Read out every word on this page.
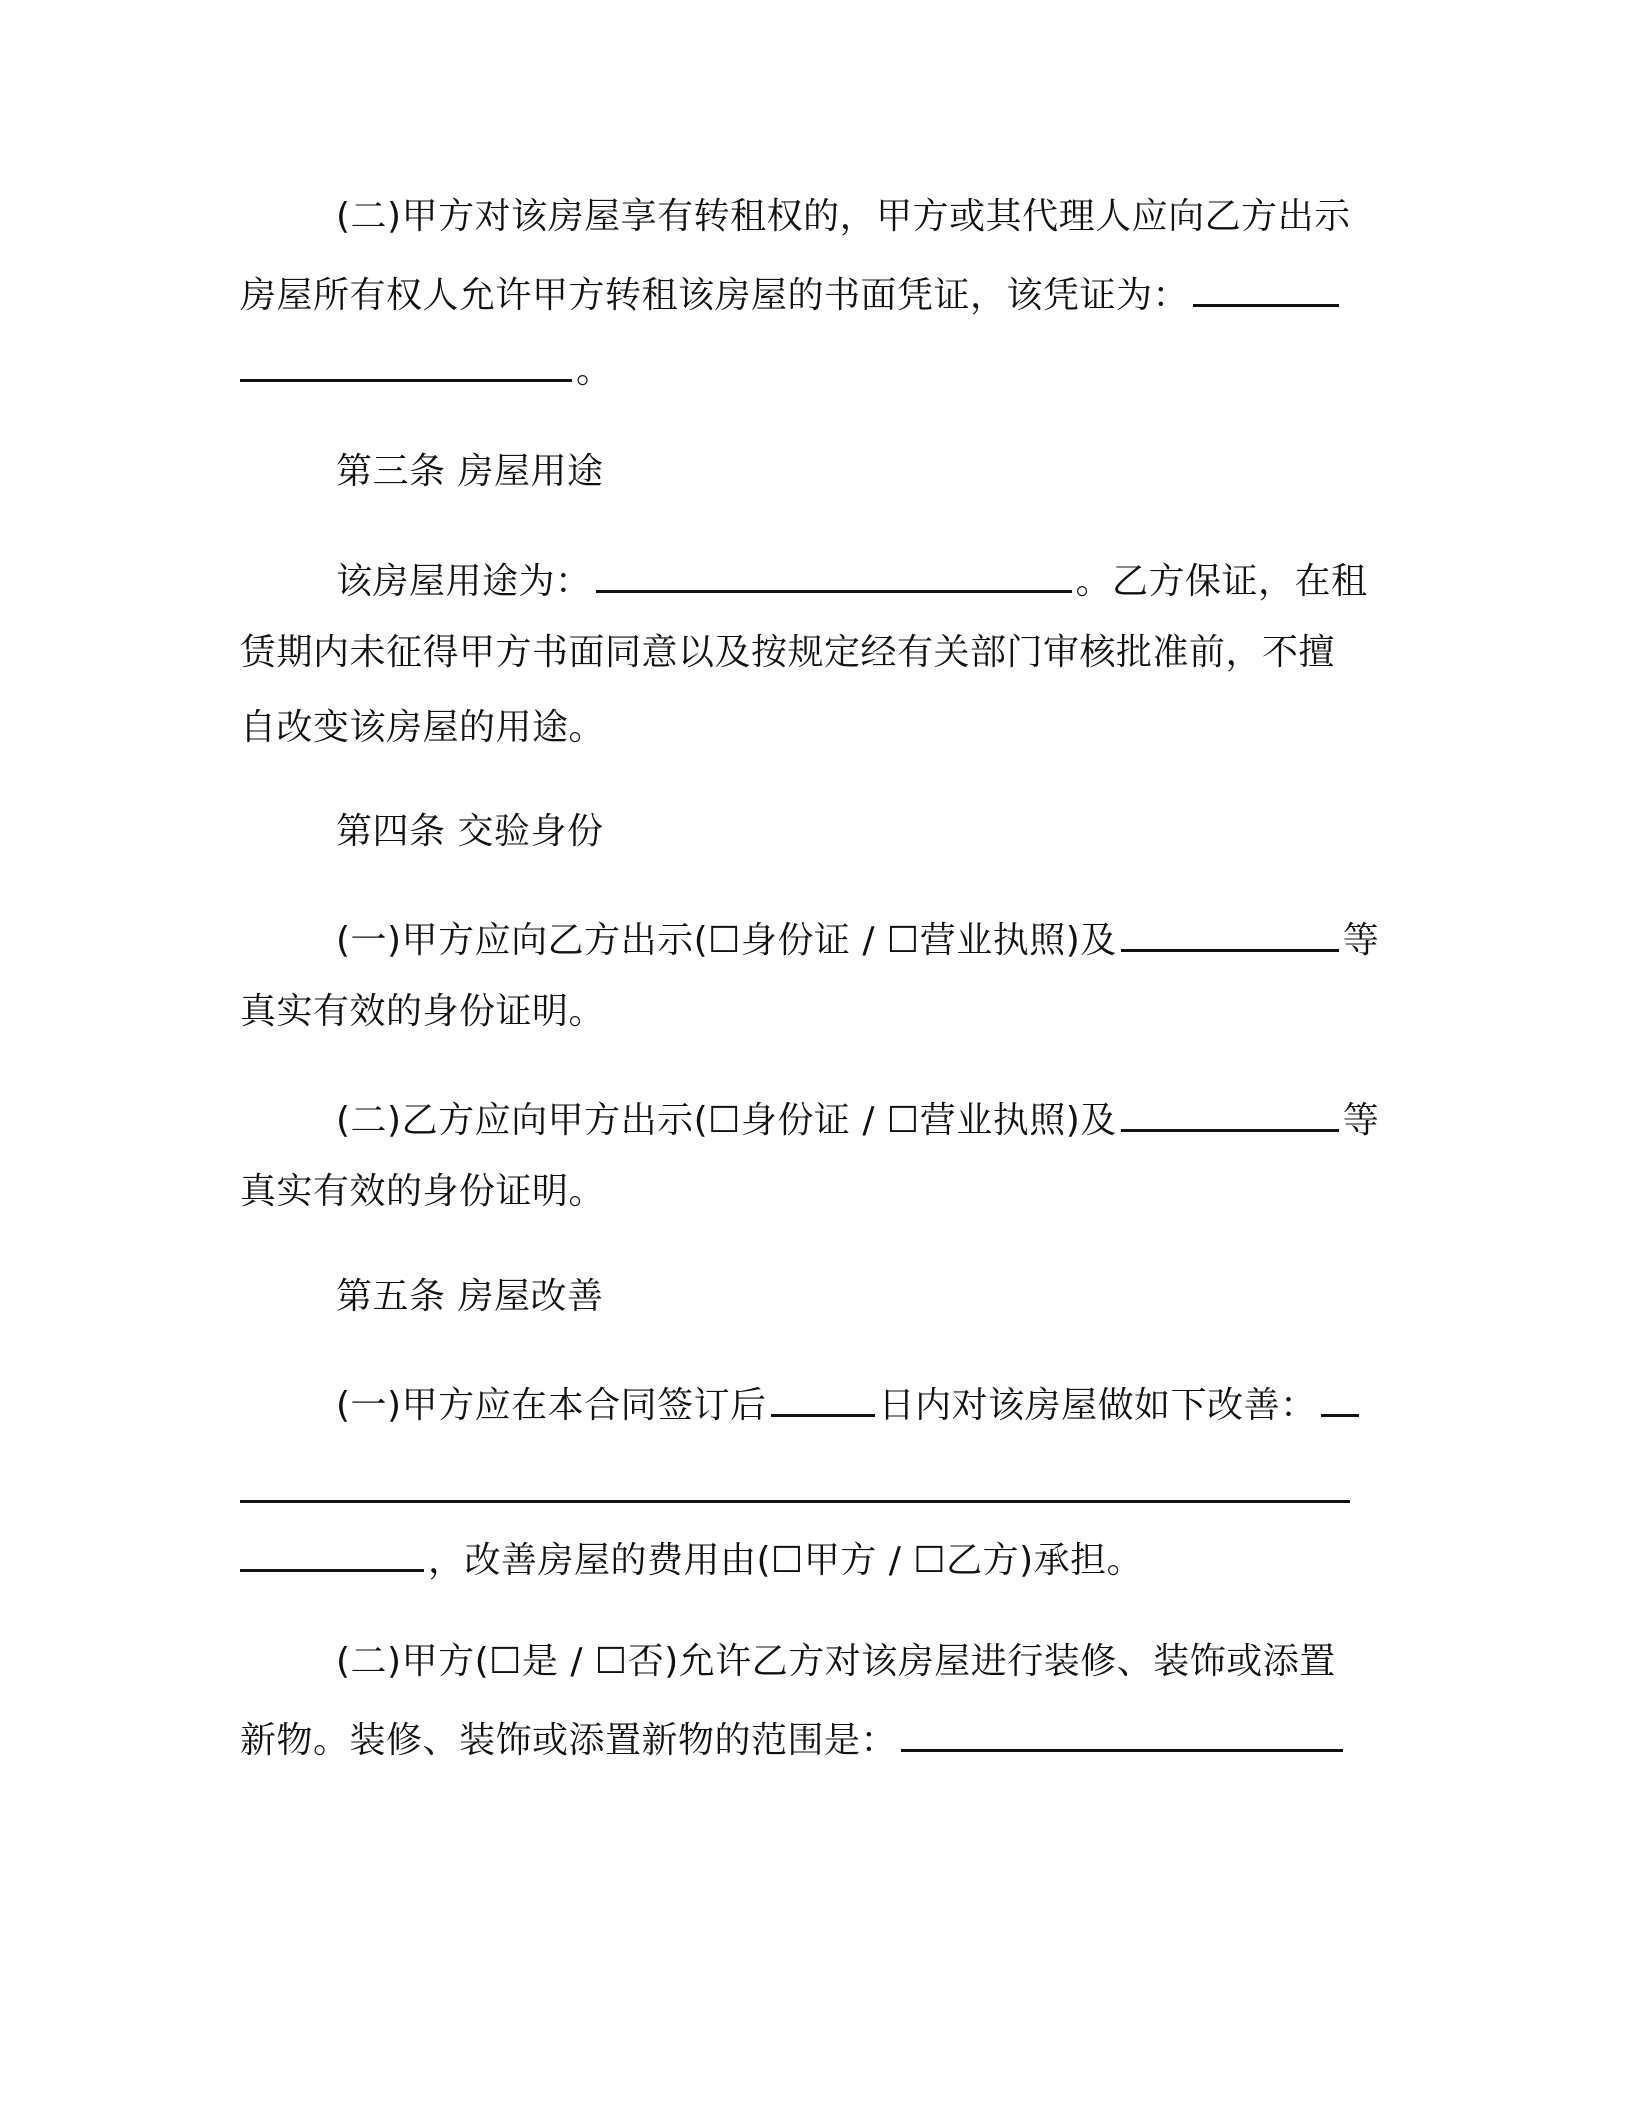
(二)甲方对该房屋享有转租权的，甲方或其代理人应向乙方出示
房屋所有权人允许甲方转租该房屋的书面凭证，该凭证为：
。
第三条 房屋用途
该房屋用途为：	。乙方保证，在租
赁期内未征得甲方书面同意以及按规定经有关部门审核批准前，不擅
自改变该房屋的用途。
第四条 交验身份
(一)甲方应向乙方出示(☐身份证 / ☐营业执照)及	等
真实有效的身份证明。
(二)乙方应向甲方出示(☐身份证 / ☐营业执照)及	等
真实有效的身份证明。
第五条 房屋改善
(一)甲方应在本合同签订后	日内对该房屋做如下改善：
，改善房屋的费用由(☐甲方 / ☐乙方)承担。
(二)甲方(☐是 / ☐否)允许乙方对该房屋进行装修、装饰或添置
新物。装修、装饰或添置新物的范围是：
